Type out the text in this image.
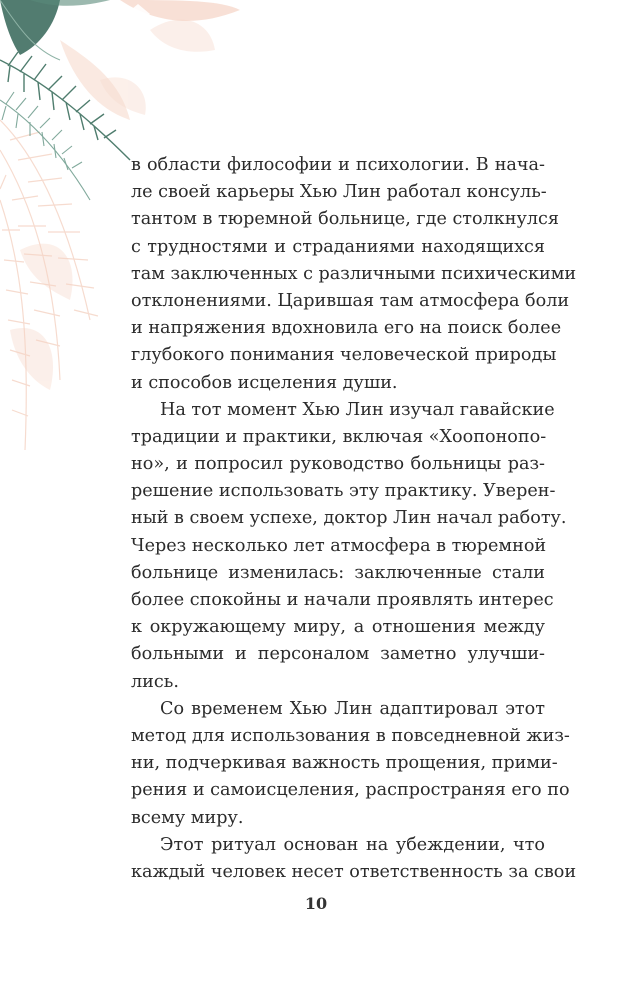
в области философии и психологии. В нача-
ле своей карьеры Хью Лин работал консуль-
тантом в тюремной больнице, где столкнулся
с трудностями и страданиями находящихся
там заключенных с различными психическими
отклонениями. Царившая там атмосфера боли
и напряжения вдохновила его на поиск более
глубокого понимания человеческой природы
и способов исцеления души.
На тот момент Хью Лин изучал гавайские
традиции и практики, включая «Хоопонопо-
но», и попросил руководство больницы раз-
решение использовать эту практику. Уверен-
ный в своем успехе, доктор Лин начал работу.
Через несколько лет атмосфера в тюремной
больнице изменилась: заключенные стали
более спокойны и начали проявлять интерес
к окружающему миру, а отношения между
больными и персоналом заметно улучши-
лись.
Со временем Хью Лин адаптировал этот
метод для использования в повседневной жиз-
ни, подчеркивая важность прощения, прими-
рения и самоисцеления, распространяя его по
всему миру.
Этот ритуал основан на убеждении, что
каждый человек несет ответственность за свои
10
